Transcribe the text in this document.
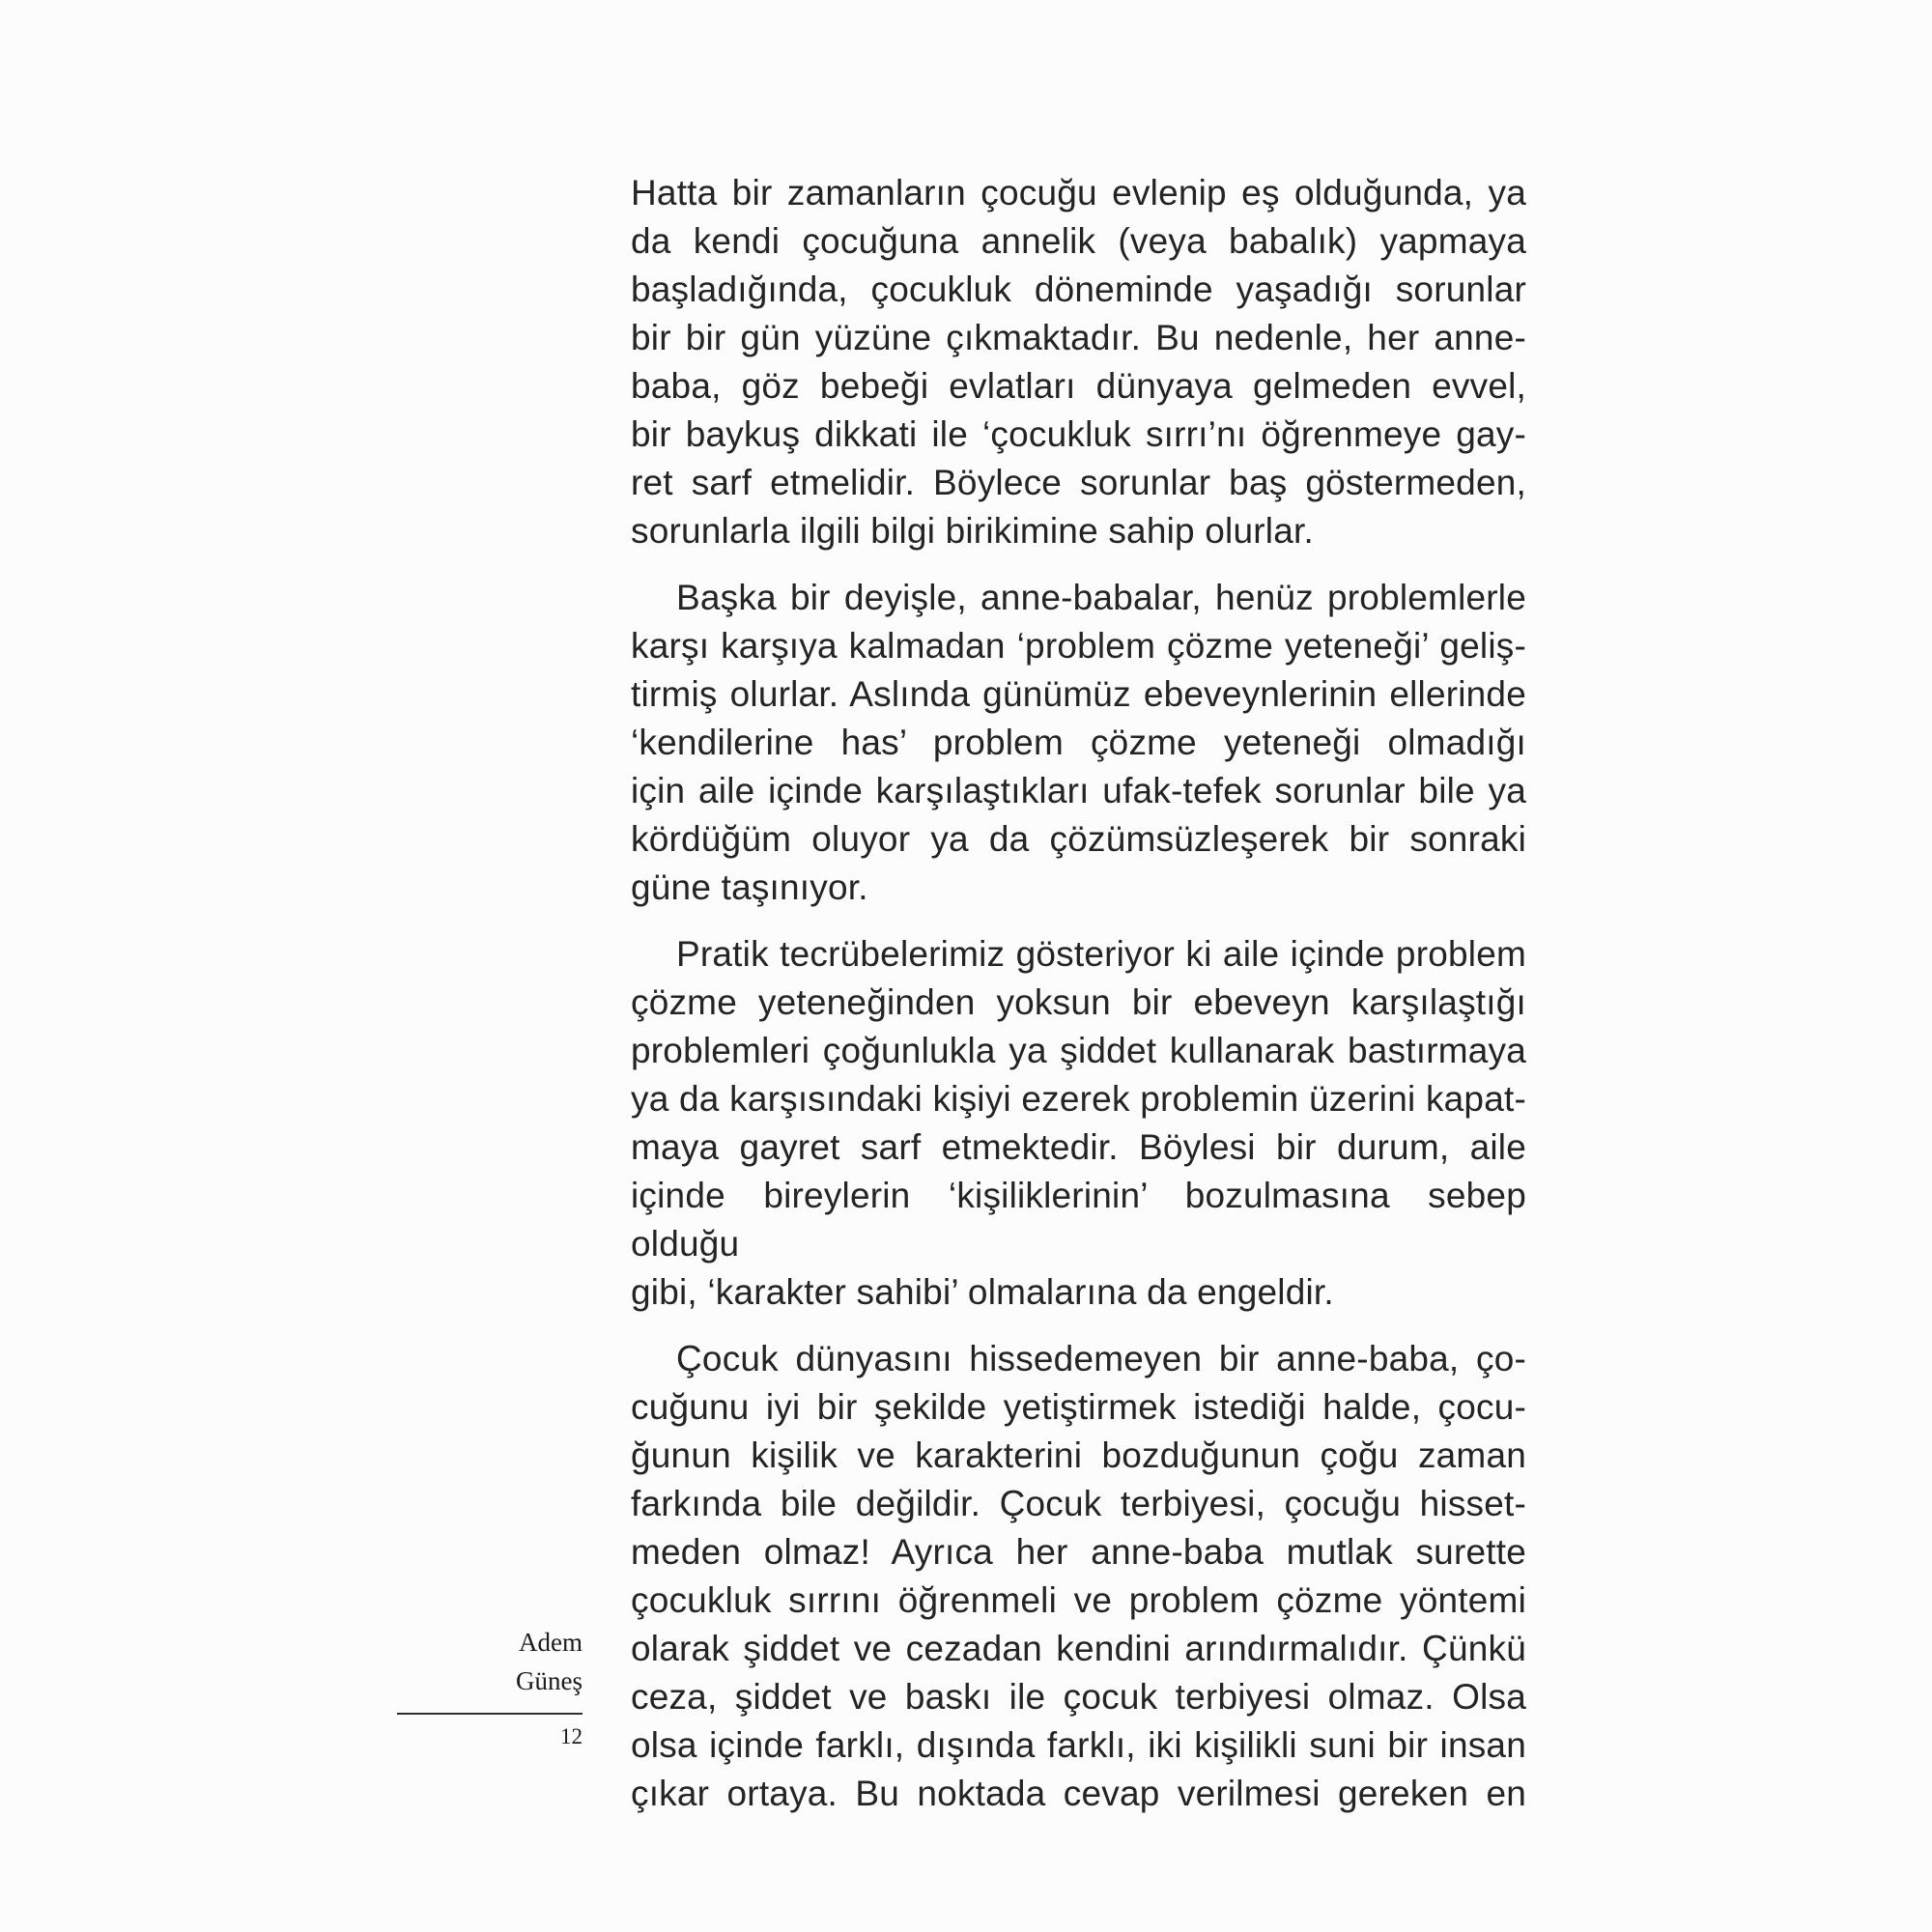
Hatta bir zamanların çocuğu evlenip eş olduğunda, ya
da kendi çocuğuna annelik (veya babalık) yapmaya
başladığında, çocukluk döneminde yaşadığı sorunlar
bir bir gün yüzüne çıkmaktadır. Bu nedenle, her anne-
baba, göz bebeği evlatları dünyaya gelmeden evvel,
bir baykuş dikkati ile ‘çocukluk sırrı’nı öğrenmeye gay-
ret sarf etmelidir. Böylece sorunlar baş göstermeden,
sorunlarla ilgili bilgi birikimine sahip olurlar.

Başka bir deyişle, anne-babalar, henüz problemlerle
karşı karşıya kalmadan ‘problem çözme yeteneği’ geliş-
tirmiş olurlar. Aslında günümüz ebeveynlerinin ellerinde
‘kendilerine has’ problem çözme yeteneği olmadığı
için aile içinde karşılaştıkları ufak-tefek sorunlar bile ya
kördüğüm oluyor ya da çözümsüzleşerek bir sonraki
güne taşınıyor.

Pratik tecrübelerimiz gösteriyor ki aile içinde problem
çözme yeteneğinden yoksun bir ebeveyn karşılaştığı
problemleri çoğunlukla ya şiddet kullanarak bastırmaya
ya da karşısındaki kişiyi ezerek problemin üzerini kapat-
maya gayret sarf etmektedir. Böylesi bir durum, aile
içinde bireylerin ‘kişiliklerinin’ bozulmasına sebep olduğu
gibi, ‘karakter sahibi’ olmalarına da engeldir.

Çocuk dünyasını hissedemeyen bir anne-baba, ço-
cuğunu iyi bir şekilde yetiştirmek istediği halde, çocu-
ğunun kişilik ve karakterini bozduğunun çoğu zaman
farkında bile değildir. Çocuk terbiyesi, çocuğu hisset-
meden olmaz! Ayrıca her anne-baba mutlak surette
çocukluk sırrını öğrenmeli ve problem çözme yöntemi
olarak şiddet ve cezadan kendini arındırmalıdır. Çünkü
ceza, şiddet ve baskı ile çocuk terbiyesi olmaz. Olsa
olsa içinde farklı, dışında farklı, iki kişilikli suni bir insan
çıkar ortaya. Bu noktada cevap verilmesi gereken en

Adem
Güneş
12
